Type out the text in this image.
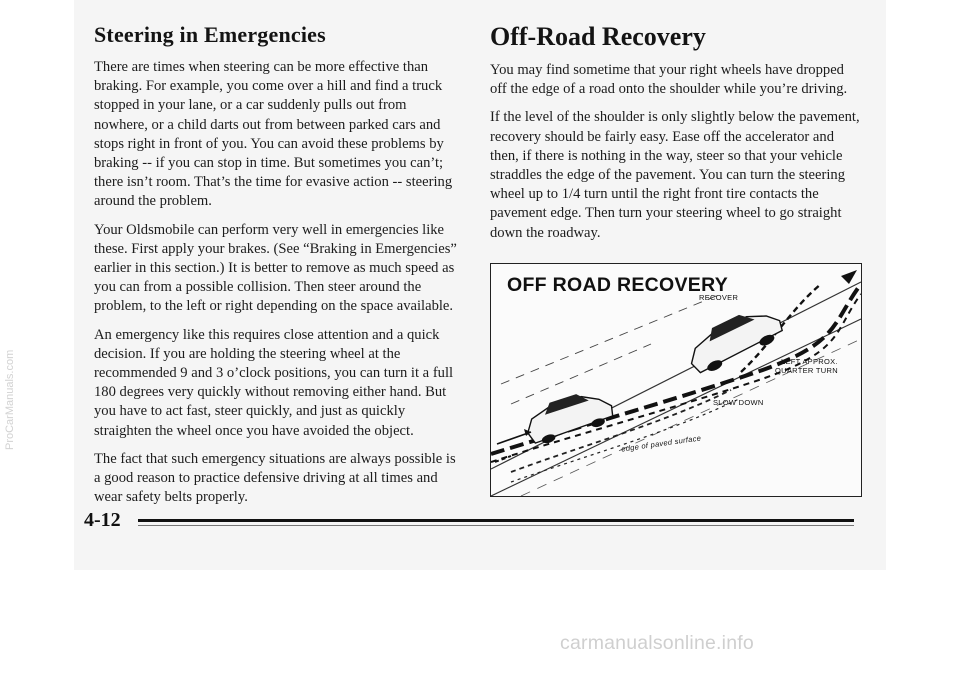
ProCarManuals.com
Steering in Emergencies

There are times when steering can be more effective than braking. For example, you come over a hill and find a truck stopped in your lane, or a car suddenly pulls out from nowhere, or a child darts out from between parked cars and stops right in front of you. You can avoid these problems by braking -- if you can stop in time. But sometimes you can’t; there isn’t room. That’s the time for evasive action -- steering around the problem.

Your Oldsmobile can perform very well in emergencies like these. First apply your brakes. (See “Braking in Emergencies” earlier in this section.) It is better to remove as much speed as you can from a possible collision. Then steer around the problem, to the left or right depending on the space available.

An emergency like this requires close attention and a quick decision. If you are holding the steering wheel at the recommended 9 and 3 o’clock positions, you can turn it a full 180 degrees very quickly without removing either hand. But you have to act fast, steer quickly, and just as quickly straighten the wheel once you have avoided the object.

The fact that such emergency situations are always possible is a good reason to practice defensive driving at all times and wear safety belts properly.

Off-Road Recovery

You may find sometime that your right wheels have dropped off the edge of a road onto the shoulder while you’re driving.

If the level of the shoulder is only slightly below the pavement, recovery should be fairly easy. Ease off the accelerator and then, if there is nothing in the way, steer so that your vehicle straddles the edge of the pavement. You can turn the steering wheel up to 1/4 turn until the right front tire contacts the pavement edge. Then turn your steering wheel to go straight down the roadway.

OFF ROAD RECOVERY
RECOVER
LEFT APPROX.
QUARTER TURN
SLOW DOWN
edge of paved surface
4-12
carmanualsonline.info
